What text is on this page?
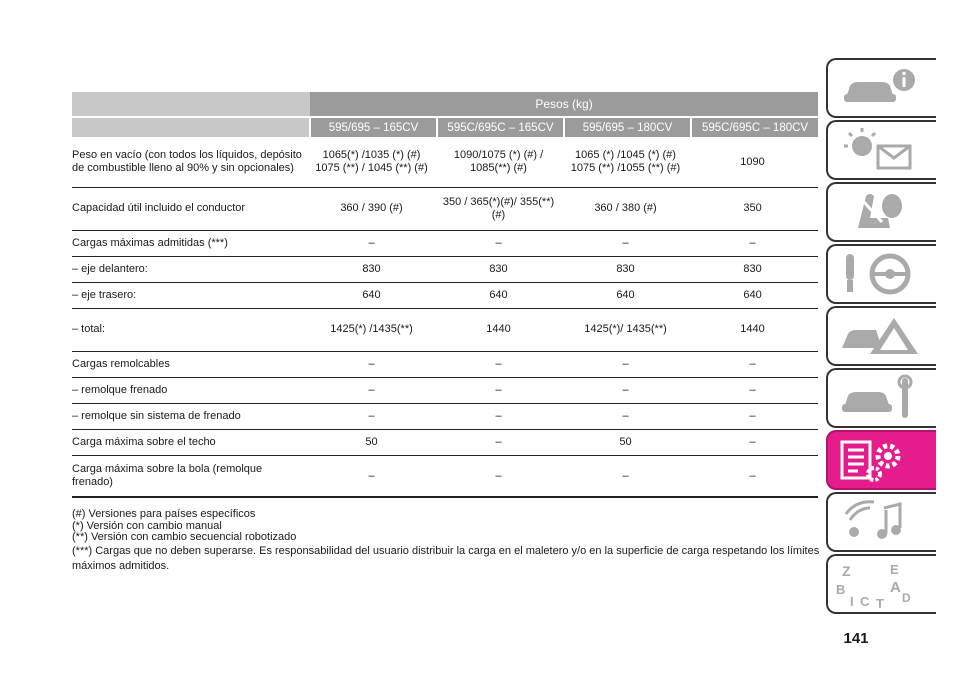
	Pesos (kg)			
	595/695 – 165CV	595C/695C – 165CV	595/695 – 180CV	595C/695C – 180CV
Peso en vacío (con todos los líquidos, depósito de combustible lleno al 90% y sin opcionales)	1065(*) /1035 (*) (#) 1075 (**) / 1045 (**) (#)	1090/1075 (*) (#) / 1085(**) (#)	1065 (*) /1045 (*) (#) 1075 (**) /1055 (**) (#)	1090
Capacidad útil incluido el conductor	360 / 390 (#)	350 / 365(*)(#)/ 355(**) (#)	360 / 380 (#)	350
Cargas máximas admitidas (***)	–	–	–	–
– eje delantero:	830	830	830	830
– eje trasero:	640	640	640	640
– total:	1425(*) /1435(**)	1440	1425(*)/ 1435(**)	1440
Cargas remolcables	–	–	–	–
– remolque frenado	–	–	–	–
– remolque sin sistema de frenado	–	–	–	–
Carga máxima sobre el techo	50	–	50	–
Carga máxima sobre la bola (remolque frenado)	–	–	–	–
(#) Versiones para países específicos
(*) Versión con cambio manual
(**) Versión con cambio secuencial robotizado
(***) Cargas que no deben superarse. Es responsabilidad del usuario distribuir la carga en el maletero y/o en la superficie de carga respetando los límites máximos admitidos.
141
Z	E
B	A
I C T D
